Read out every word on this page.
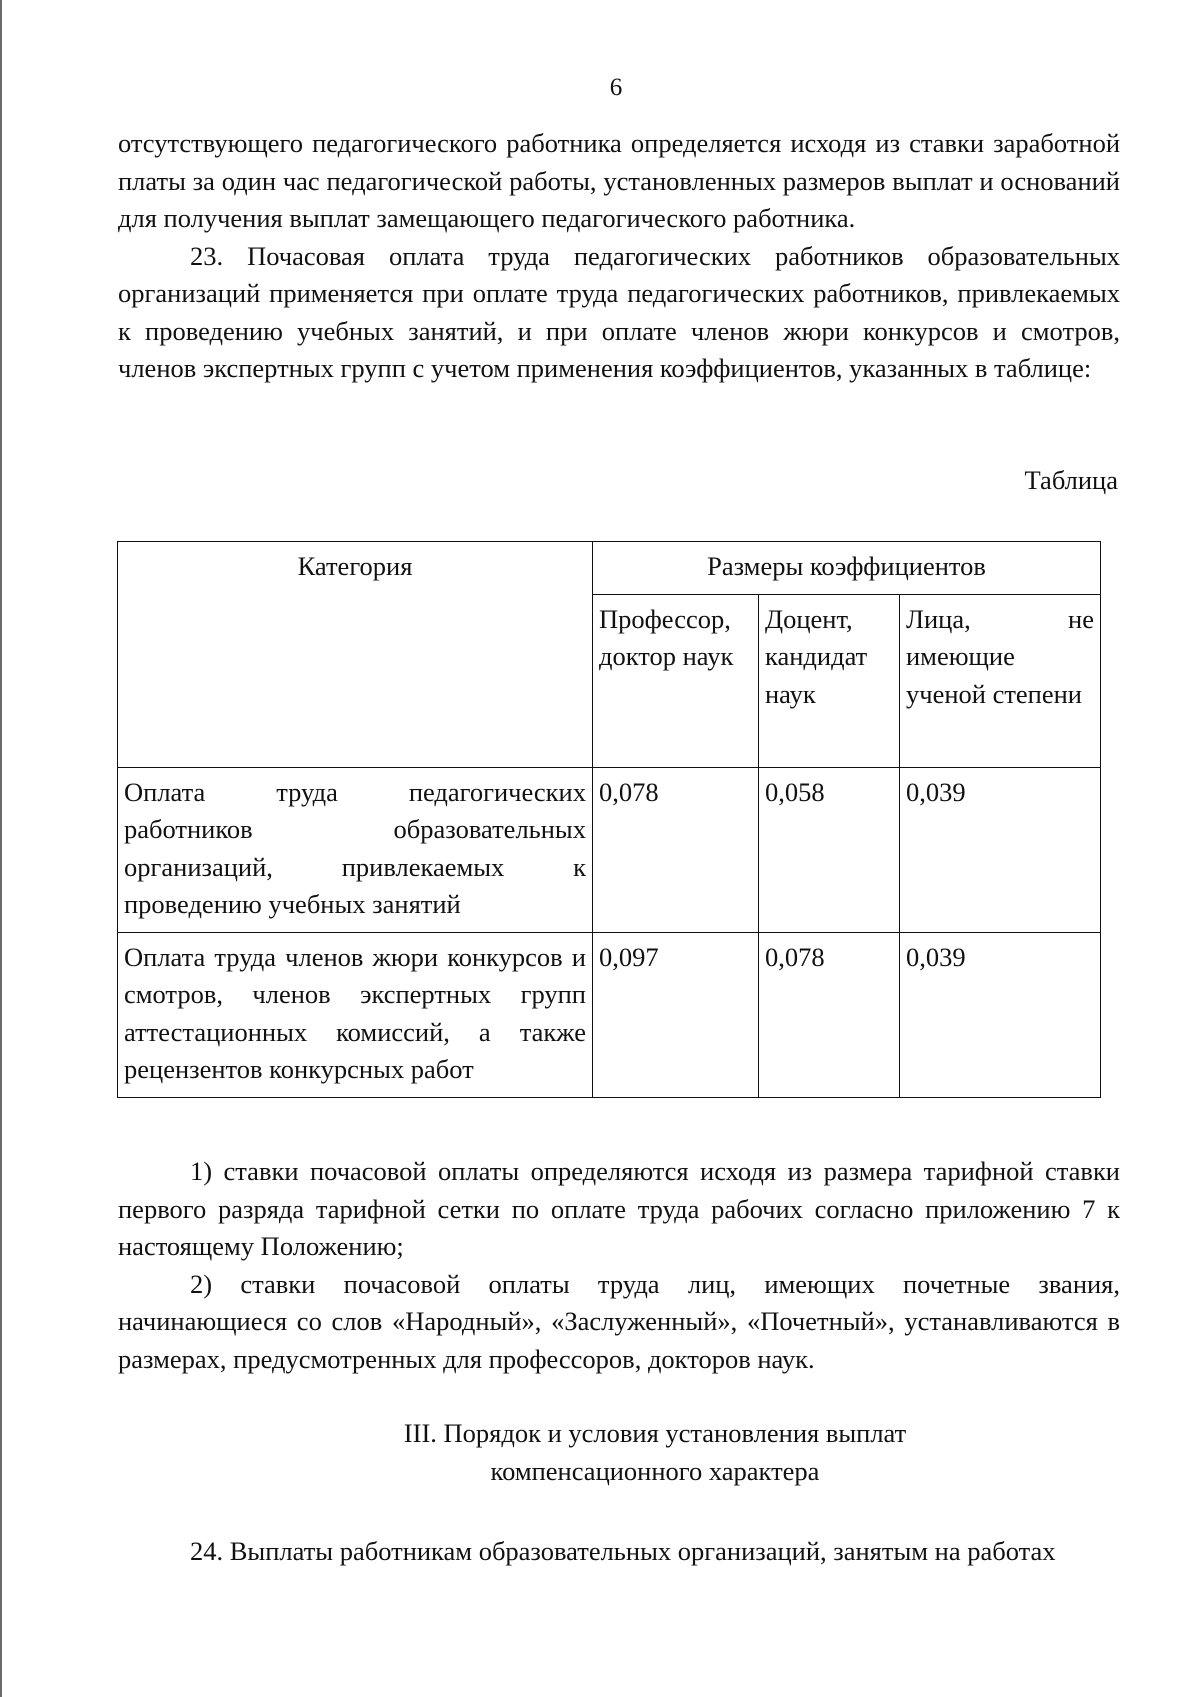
6

отсутствующего педагогического работника определяется исходя из ставки заработной платы за один час педагогической работы, установленных размеров выплат и оснований для получения выплат замещающего педагогического работника.

23. Почасовая оплата труда педагогических работников образовательных организаций применяется при оплате труда педагогических работников, привлекаемых к проведению учебных занятий, и при оплате членов жюри конкурсов и смотров, членов экспертных групп с учетом применения коэффициентов, указанных в таблице:

Таблица
Категория	Размеры коэффициентов		
	Профессор, доктор наук	Доцент, кандидат наук	Лица, не имеющие ученой степени
Оплата труда педагогических работников образовательных организаций, привлекаемых к проведению учебных занятий	0,078	0,058	0,039
Оплата труда членов жюри конкурсов и смотров, членов экспертных групп аттестационных комиссий, а также рецензентов конкурсных работ	0,097	0,078	0,039

1) ставки почасовой оплаты определяются исходя из размера тарифной ставки первого разряда тарифной сетки по оплате труда рабочих согласно приложению 7 к настоящему Положению;

2) ставки почасовой оплаты труда лиц, имеющих почетные звания, начинающиеся со слов «Народный», «Заслуженный», «Почетный», устанавливаются в размерах, предусмотренных для профессоров, докторов наук.

III. Порядок и условия установления выплат
компенсационного характера

24. Выплаты работникам образовательных организаций, занятым на работах
